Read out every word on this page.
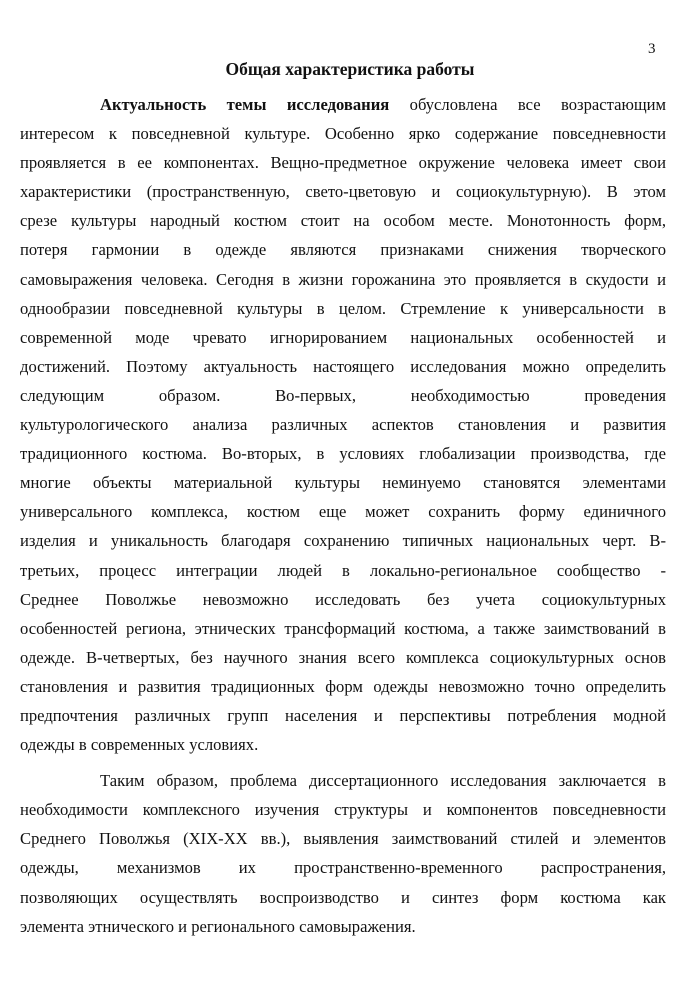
3
Общая характеристика работы
Актуальность темы исследования обусловлена все возрастающим
интересом к повседневной культуре. Особенно ярко содержание повседневности
проявляется в ее компонентах. Вещно-предметное окружение человека имеет свои
характеристики (пространственную, свето-цветовую и социокультурную). В этом
срезе культуры народный костюм стоит на особом месте. Монотонность форм,
потеря гармонии в одежде являются признаками снижения творческого
самовыражения человека. Сегодня в жизни горожанина это проявляется в скудости и
однообразии повседневной культуры в целом. Стремление к универсальности в
современной моде чревато игнорированием национальных особенностей и
достижений. Поэтому актуальность настоящего исследования можно определить
следующим образом. Во-первых, необходимостью проведения
культурологического анализа различных аспектов становления и развития
традиционного костюма. Во-вторых, в условиях глобализации производства, где
многие объекты материальной культуры неминуемо становятся элементами
универсального комплекса, костюм еще может сохранить форму единичного
изделия и уникальность благодаря сохранению типичных национальных черт. В-
третьих, процесс интеграции людей в локально-региональное сообщество -
Среднее Поволжье невозможно исследовать без учета социокультурных
особенностей региона, этнических трансформаций костюма, а также заимствований в
одежде. В-четвертых, без научного знания всего комплекса социокультурных основ
становления и развития традиционных форм одежды невозможно точно определить
предпочтения различных групп населения и перспективы потребления модной
одежды в современных условиях.
Таким образом, проблема диссертационного исследования заключается в
необходимости комплексного изучения структуры и компонентов повседневности
Среднего Поволжья (XIX-XX вв.), выявления заимствований стилей и элементов
одежды, механизмов их пространственно-временного распространения,
позволяющих осуществлять воспроизводство и синтез форм костюма как
элемента этнического и регионального самовыражения.
